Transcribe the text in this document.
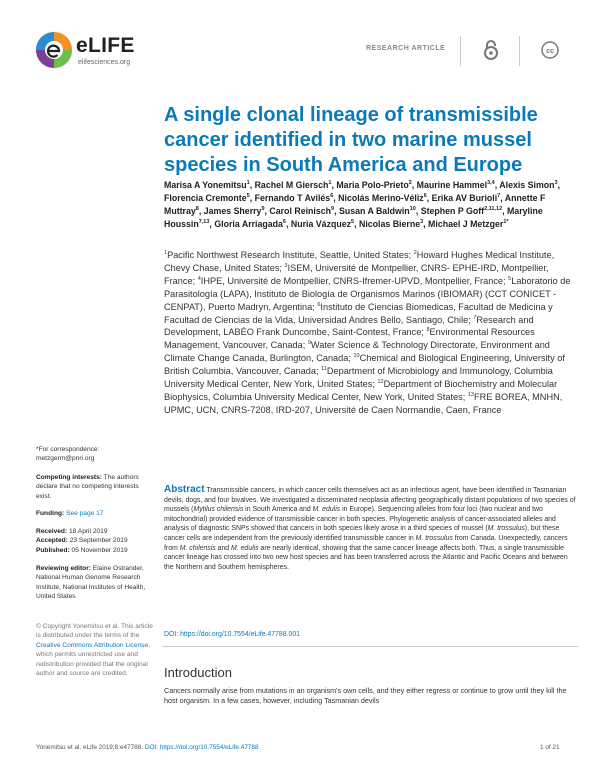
eLIFE
elifesciences.org
RESEARCH ARTICLE	cc
A single clonal lineage of transmissible cancer identified in two marine mussel species in South America and Europe
Marisa A Yonemitsu$^1$, Rachel M Giersch$^1$, Maria Polo-Prieto$^2$, Maurine Hammel$^{3,4}$, Alexis Simon$^3$, Florencia Cremonte$^5$, Fernando T Avilés$^6$, Nicolás Merino-Véliz$^6$, Erika AV Burioli$^7$, Annette F Muttray$^8$, James Sherry$^9$, Carol Reinisch$^9$, Susan A Baldwin$^{10}$, Stephen P Goff$^{2,11,12}$, Maryline Houssin$^{7,13}$, Gloria Arriagada$^6$, Nuria Vázquez$^5$, Nicolas Bierne$^3$, Michael J Metzger$^{1*}$
$^1$Pacific Northwest Research Institute, Seattle, United States; $^2$Howard Hughes Medical Institute, Chevy Chase, United States; $^3$ISEM, Université de Montpellier, CNRS- EPHE-IRD, Montpellier, France; $^4$IHPE, Université de Montpellier, CNRS-Ifremer-UPVD, Montpellier, France; $^5$Laboratorio de Parasitología (LAPA), Instituto de Biología de Organismos Marinos (IBIOMAR) (CCT CONICET - CENPAT), Puerto Madryn, Argentina; $^6$Instituto de Ciencias Biomedicas, Facultad de Medicina y Facultad de Ciencias de la Vida, Universidad Andres Bello, Santiago, Chile; $^7$Research and Development, LABÉO Frank Duncombe, Saint-Contest, France; $^8$Environmental Resources Management, Vancouver, Canada; $^9$Water Science & Technology Directorate, Environment and Climate Change Canada, Burlington, Canada; $^{10}$Chemical and Biological Engineering, University of British Columbia, Vancouver, Canada; $^{11}$Department of Microbiology and Immunology, Columbia University Medical Center, New York, United States; $^{12}$Department of Biochemistry and Molecular Biophysics, Columbia University Medical Center, New York, United States; $^{13}$FRE BOREA, MNHN, UPMC, UCN, CNRS-7208, IRD-207, Université de Caen Normandie, Caen, France
*For correspondence:
metzgerm@pnri.org
Competing interests: The authors declare that no competing interests exist.
Funding: See page 17
Received: 18 April 2019
Accepted: 23 September 2019
Published: 05 November 2019
Reviewing editor: Elaine Ostrander, National Human Genome Research Institute, National Institutes of Health, United States
© Copyright Yonemitsu et al. This article is distributed under the terms of the Creative Commons Attribution License, which permits unrestricted use and redistribution provided that the original author and source are credited.
Abstract Transmissible cancers, in which cancer cells themselves act as an infectious agent, have been identified in Tasmanian devils, dogs, and four bivalves. We investigated a disseminated neoplasia affecting geographically distant populations of two species of mussels (Mytilus chilensis in South America and M. edulis in Europe). Sequencing alleles from four loci (two nuclear and two mitochondrial) provided evidence of transmissible cancer in both species. Phylogenetic analysis of cancer-associated alleles and analysis of diagnostic SNPs showed that cancers in both species likely arose in a third species of mussel (M. trossulus), but these cancer cells are independent from the previously identified transmissible cancer in M. trossulus from Canada. Unexpectedly, cancers from M. chilensis and M. edulis are nearly identical, showing that the same cancer lineage affects both. Thus, a single transmissible cancer lineage has crossed into two new host species and has been transferred across the Atlantic and Pacific Oceans and between the Northern and Southern hemispheres.
DOI: https://doi.org/10.7554/eLife.47788.001
Introduction
Cancers normally arise from mutations in an organism's own cells, and they either regress or continue to grow until they kill the host organism. In a few cases, however, including Tasmanian devils
Yonemitsu et al. eLife 2019;8:e47788. DOI: https://doi.org/10.7554/eLife.47788	1 of 21
